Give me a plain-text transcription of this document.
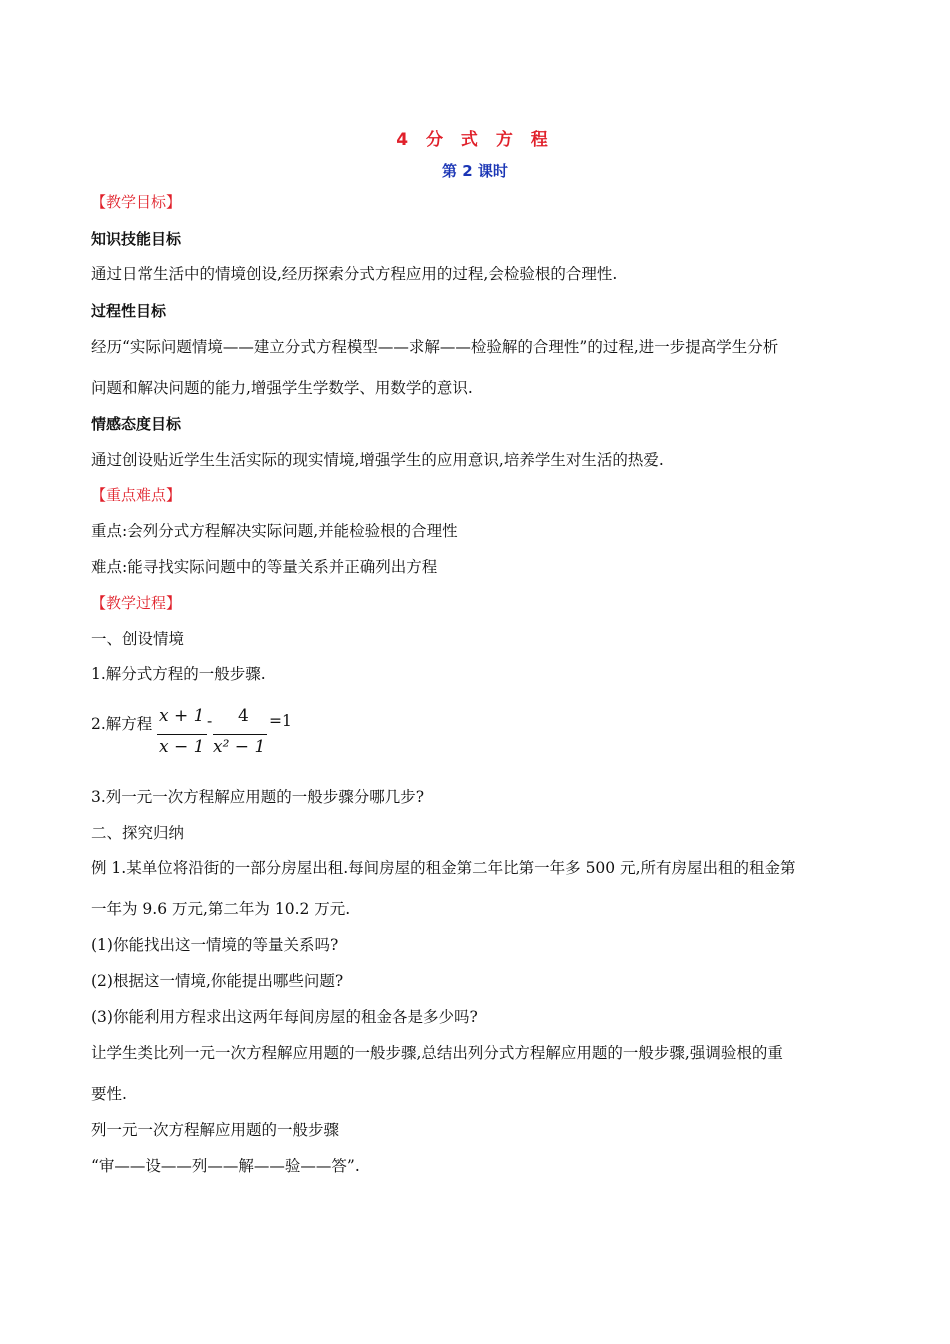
4 分 式 方 程
第 2 课时
【教学目标】
知识技能目标
通过日常生活中的情境创设,经历探索分式方程应用的过程,会检验根的合理性.
过程性目标
经历“实际问题情境——建立分式方程模型——求解——检验解的合理性”的过程,进一步提高学生分析
问题和解决问题的能力,增强学生学数学、用数学的意识.
情感态度目标
通过创设贴近学生生活实际的现实情境,增强学生的应用意识,培养学生对生活的热爱.
【重点难点】
重点:会列分式方程解决实际问题,并能检验根的合理性
难点:能寻找实际问题中的等量关系并正确列出方程
【教学过程】
一、创设情境
1.解分式方程的一般步骤.
2.解方程 x + 1
x − 1
- 4
x² − 1
=1
3.列一元一次方程解应用题的一般步骤分哪几步?
二、探究归纳
例 1.某单位将沿街的一部分房屋出租.每间房屋的租金第二年比第一年多 500 元,所有房屋出租的租金第
一年为 9.6 万元,第二年为 10.2 万元.
(1)你能找出这一情境的等量关系吗?
(2)根据这一情境,你能提出哪些问题?
(3)你能利用方程求出这两年每间房屋的租金各是多少吗?
让学生类比列一元一次方程解应用题的一般步骤,总结出列分式方程解应用题的一般步骤,强调验根的重
要性.
列一元一次方程解应用题的一般步骤
“审——设——列——解——验——答”.
